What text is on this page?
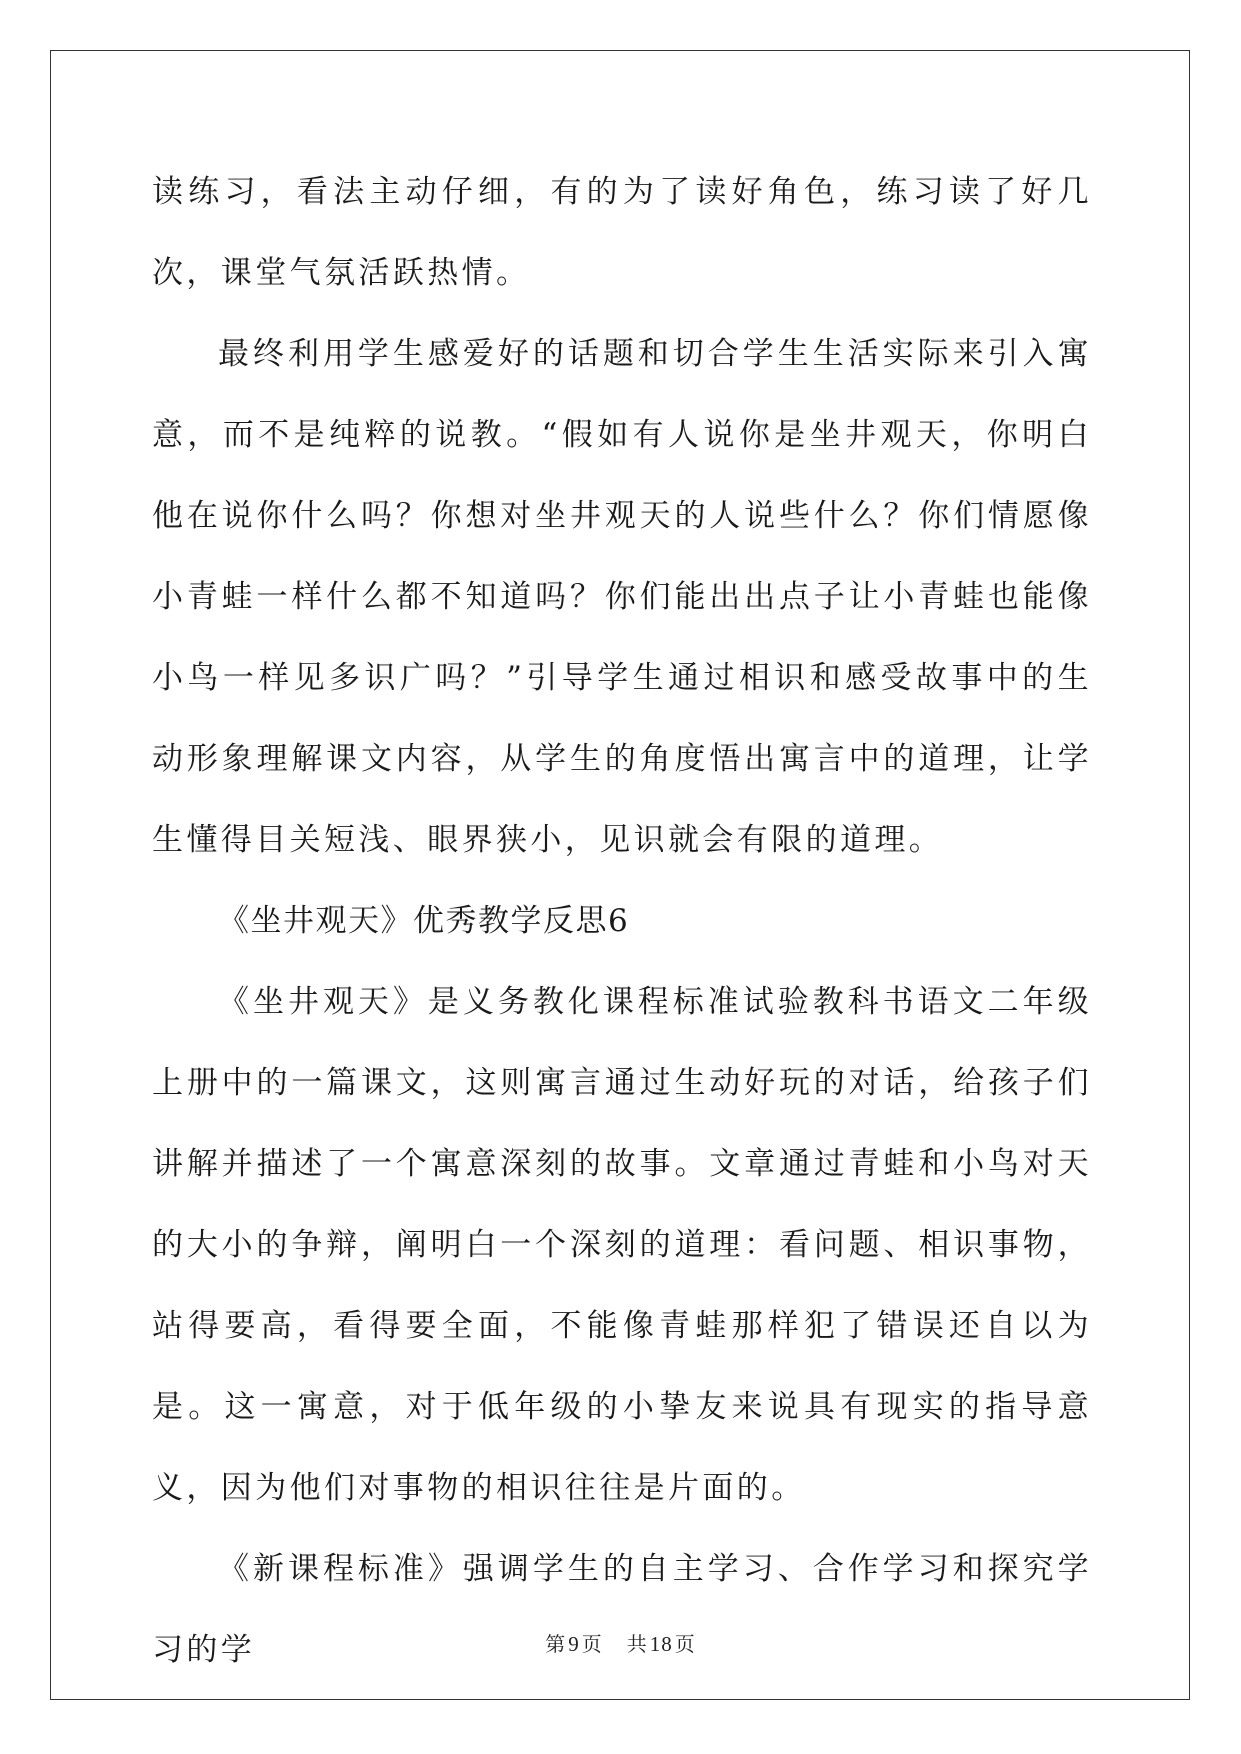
读练习，看法主动仔细，有的为了读好角色，练习读了好几次，课堂气氛活跃热情。

最终利用学生感爱好的话题和切合学生生活实际来引入寓意，而不是纯粹的说教。“假如有人说你是坐井观天，你明白他在说你什么吗？你想对坐井观天的人说些什么？你们情愿像小青蛙一样什么都不知道吗？你们能出出点子让小青蛙也能像小鸟一样见多识广吗？”引导学生通过相识和感受故事中的生动形象理解课文内容，从学生的角度悟出寓言中的道理，让学生懂得目关短浅、眼界狭小，见识就会有限的道理。

《坐井观天》优秀教学反思6

《坐井观天》是义务教化课程标准试验教科书语文二年级上册中的一篇课文，这则寓言通过生动好玩的对话，给孩子们讲解并描述了一个寓意深刻的故事。文章通过青蛙和小鸟对天的大小的争辩，阐明白一个深刻的道理：看问题、相识事物，站得要高，看得要全面，不能像青蛙那样犯了错误还自以为是。这一寓意，对于低年级的小挚友来说具有现实的指导意义，因为他们对事物的相识往往是片面的。

《新课程标准》强调学生的自主学习、合作学习和探究学习的学	第9 页 共18 页
